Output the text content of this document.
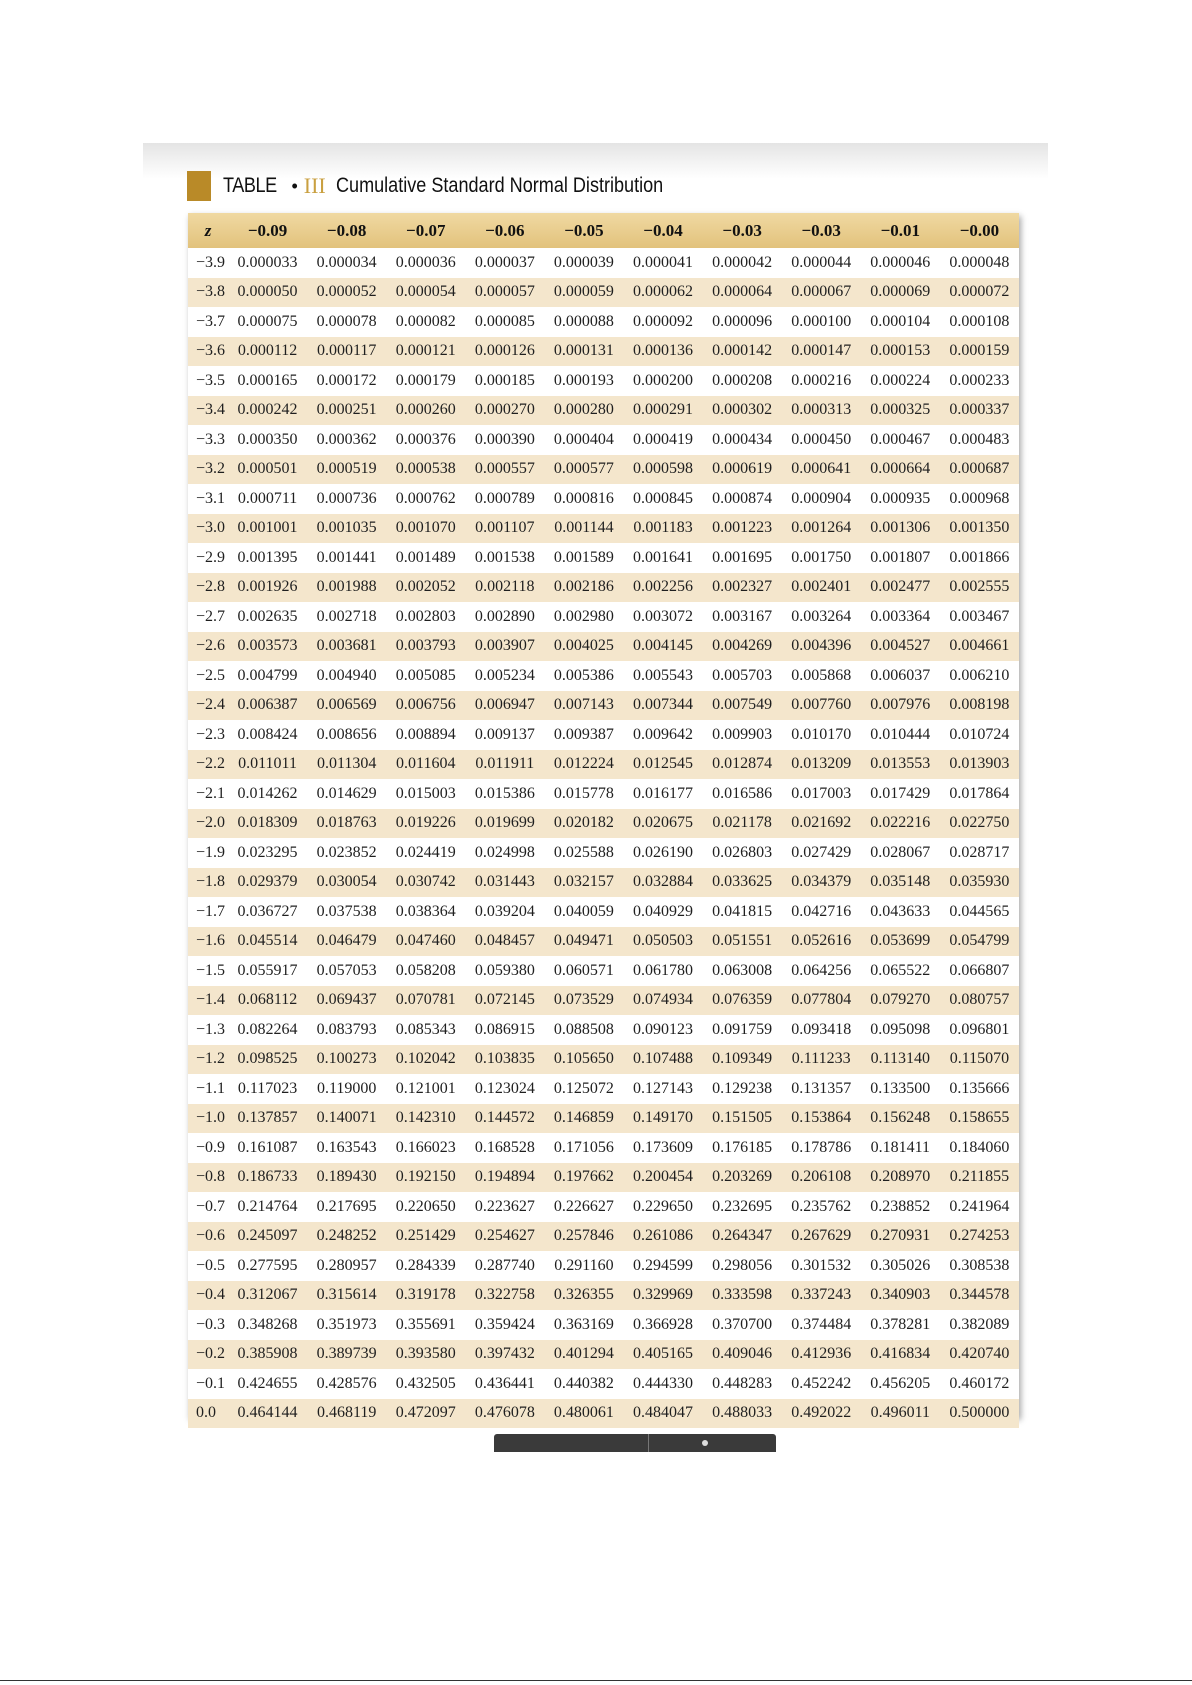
TABLE • III Cumulative Standard Normal Distribution
z	−0.09	−0.08	−0.07	−0.06	−0.05	−0.04	−0.03	−0.03	−0.01	−0.00
−3.9	0.000033	0.000034	0.000036	0.000037	0.000039	0.000041	0.000042	0.000044	0.000046	0.000048
−3.8	0.000050	0.000052	0.000054	0.000057	0.000059	0.000062	0.000064	0.000067	0.000069	0.000072
−3.7	0.000075	0.000078	0.000082	0.000085	0.000088	0.000092	0.000096	0.000100	0.000104	0.000108
−3.6	0.000112	0.000117	0.000121	0.000126	0.000131	0.000136	0.000142	0.000147	0.000153	0.000159
−3.5	0.000165	0.000172	0.000179	0.000185	0.000193	0.000200	0.000208	0.000216	0.000224	0.000233
−3.4	0.000242	0.000251	0.000260	0.000270	0.000280	0.000291	0.000302	0.000313	0.000325	0.000337
−3.3	0.000350	0.000362	0.000376	0.000390	0.000404	0.000419	0.000434	0.000450	0.000467	0.000483
−3.2	0.000501	0.000519	0.000538	0.000557	0.000577	0.000598	0.000619	0.000641	0.000664	0.000687
−3.1	0.000711	0.000736	0.000762	0.000789	0.000816	0.000845	0.000874	0.000904	0.000935	0.000968
−3.0	0.001001	0.001035	0.001070	0.001107	0.001144	0.001183	0.001223	0.001264	0.001306	0.001350
−2.9	0.001395	0.001441	0.001489	0.001538	0.001589	0.001641	0.001695	0.001750	0.001807	0.001866
−2.8	0.001926	0.001988	0.002052	0.002118	0.002186	0.002256	0.002327	0.002401	0.002477	0.002555
−2.7	0.002635	0.002718	0.002803	0.002890	0.002980	0.003072	0.003167	0.003264	0.003364	0.003467
−2.6	0.003573	0.003681	0.003793	0.003907	0.004025	0.004145	0.004269	0.004396	0.004527	0.004661
−2.5	0.004799	0.004940	0.005085	0.005234	0.005386	0.005543	0.005703	0.005868	0.006037	0.006210
−2.4	0.006387	0.006569	0.006756	0.006947	0.007143	0.007344	0.007549	0.007760	0.007976	0.008198
−2.3	0.008424	0.008656	0.008894	0.009137	0.009387	0.009642	0.009903	0.010170	0.010444	0.010724
−2.2	0.011011	0.011304	0.011604	0.011911	0.012224	0.012545	0.012874	0.013209	0.013553	0.013903
−2.1	0.014262	0.014629	0.015003	0.015386	0.015778	0.016177	0.016586	0.017003	0.017429	0.017864
−2.0	0.018309	0.018763	0.019226	0.019699	0.020182	0.020675	0.021178	0.021692	0.022216	0.022750
−1.9	0.023295	0.023852	0.024419	0.024998	0.025588	0.026190	0.026803	0.027429	0.028067	0.028717
−1.8	0.029379	0.030054	0.030742	0.031443	0.032157	0.032884	0.033625	0.034379	0.035148	0.035930
−1.7	0.036727	0.037538	0.038364	0.039204	0.040059	0.040929	0.041815	0.042716	0.043633	0.044565
−1.6	0.045514	0.046479	0.047460	0.048457	0.049471	0.050503	0.051551	0.052616	0.053699	0.054799
−1.5	0.055917	0.057053	0.058208	0.059380	0.060571	0.061780	0.063008	0.064256	0.065522	0.066807
−1.4	0.068112	0.069437	0.070781	0.072145	0.073529	0.074934	0.076359	0.077804	0.079270	0.080757
−1.3	0.082264	0.083793	0.085343	0.086915	0.088508	0.090123	0.091759	0.093418	0.095098	0.096801
−1.2	0.098525	0.100273	0.102042	0.103835	0.105650	0.107488	0.109349	0.111233	0.113140	0.115070
−1.1	0.117023	0.119000	0.121001	0.123024	0.125072	0.127143	0.129238	0.131357	0.133500	0.135666
−1.0	0.137857	0.140071	0.142310	0.144572	0.146859	0.149170	0.151505	0.153864	0.156248	0.158655
−0.9	0.161087	0.163543	0.166023	0.168528	0.171056	0.173609	0.176185	0.178786	0.181411	0.184060
−0.8	0.186733	0.189430	0.192150	0.194894	0.197662	0.200454	0.203269	0.206108	0.208970	0.211855
−0.7	0.214764	0.217695	0.220650	0.223627	0.226627	0.229650	0.232695	0.235762	0.238852	0.241964
−0.6	0.245097	0.248252	0.251429	0.254627	0.257846	0.261086	0.264347	0.267629	0.270931	0.274253
−0.5	0.277595	0.280957	0.284339	0.287740	0.291160	0.294599	0.298056	0.301532	0.305026	0.308538
−0.4	0.312067	0.315614	0.319178	0.322758	0.326355	0.329969	0.333598	0.337243	0.340903	0.344578
−0.3	0.348268	0.351973	0.355691	0.359424	0.363169	0.366928	0.370700	0.374484	0.378281	0.382089
−0.2	0.385908	0.389739	0.393580	0.397432	0.401294	0.405165	0.409046	0.412936	0.416834	0.420740
−0.1	0.424655	0.428576	0.432505	0.436441	0.440382	0.444330	0.448283	0.452242	0.456205	0.460172
0.0	0.464144	0.468119	0.472097	0.476078	0.480061	0.484047	0.488033	0.492022	0.496011	0.500000
